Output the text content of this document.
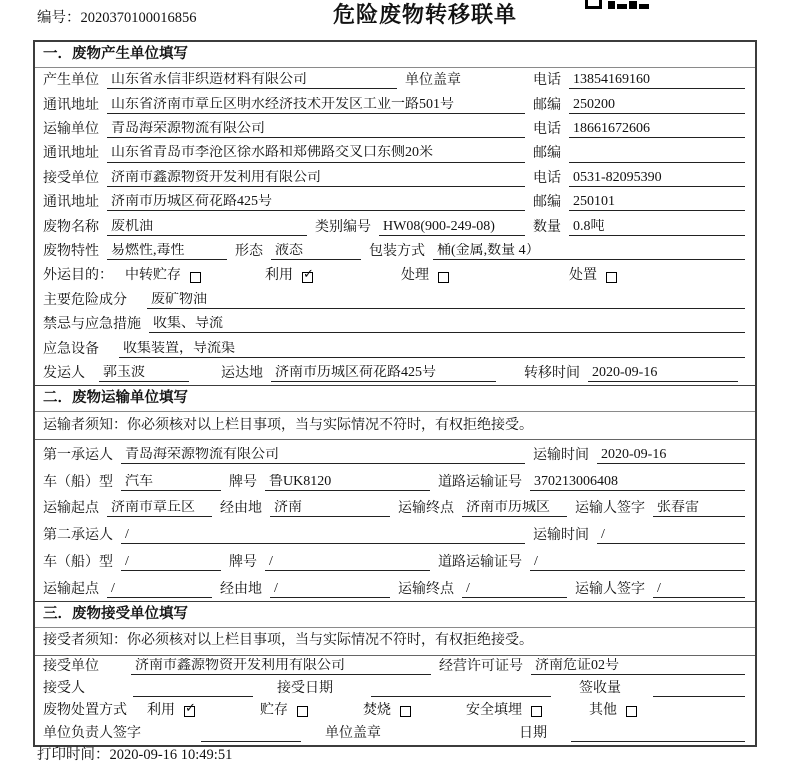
编号：2020370100016856	危险废物转移联单
一．废物产生单位填写
产生单位 山东省永信非织造材料有限公司	单位盖章	电话 13854169160
通讯地址 山东省济南市章丘区明水经济技术开发区工业一路501号	邮编 250200
运输单位 青岛海荣源物流有限公司	电话 18661672606
通讯地址 山东省青岛市李沧区徐水路和郑佛路交叉口东侧20米	邮编
接受单位 济南市鑫源物资开发利用有限公司	电话 0531-82095390
通讯地址 济南市历城区荷花路425号	邮编 250101
废物名称 废机油	类别编号 HW08(900-249-08)	数量 0.8吨
废物特性 易燃性,毒性	形态 液态	包装方式 桶(金属,数量 4）
外运目的： 中转贮存	利用 ✓	处理	处置
主要危险成分 废矿物油
禁忌与应急措施 收集、导流
应急设备 收集装置，导流渠
发运人 郭玉波	运达地 济南市历城区荷花路425号	转移时间 2020-09-16
二．废物运输单位填写
运输者须知：你必须核对以上栏目事项，当与实际情况不符时，有权拒绝接受。
第一承运人 青岛海荣源物流有限公司	运输时间 2020-09-16
车（船）型 汽车	牌号 鲁UK8120	道路运输证号 370213006408
运输起点 济南市章丘区	经由地 济南	运输终点 济南市历城区	运输人签字 张春雷
第二承运人 /	运输时间 /
车（船）型 /	牌号 /	道路运输证号 /
运输起点 /	经由地 /	运输终点 /	运输人签字 /
三．废物接受单位填写
接受者须知：你必须核对以上栏目事项，当与实际情况不符时，有权拒绝接受。
接受单位	济南市鑫源物资开发利用有限公司	经营许可证号 济南危证02号
接受人	接受日期	签收量
废物处置方式 利用 ✓	贮存	焚烧	安全填埋	其他
单位负责人签字	单位盖章	日期
打印时间：2020-09-16 10:49:51
